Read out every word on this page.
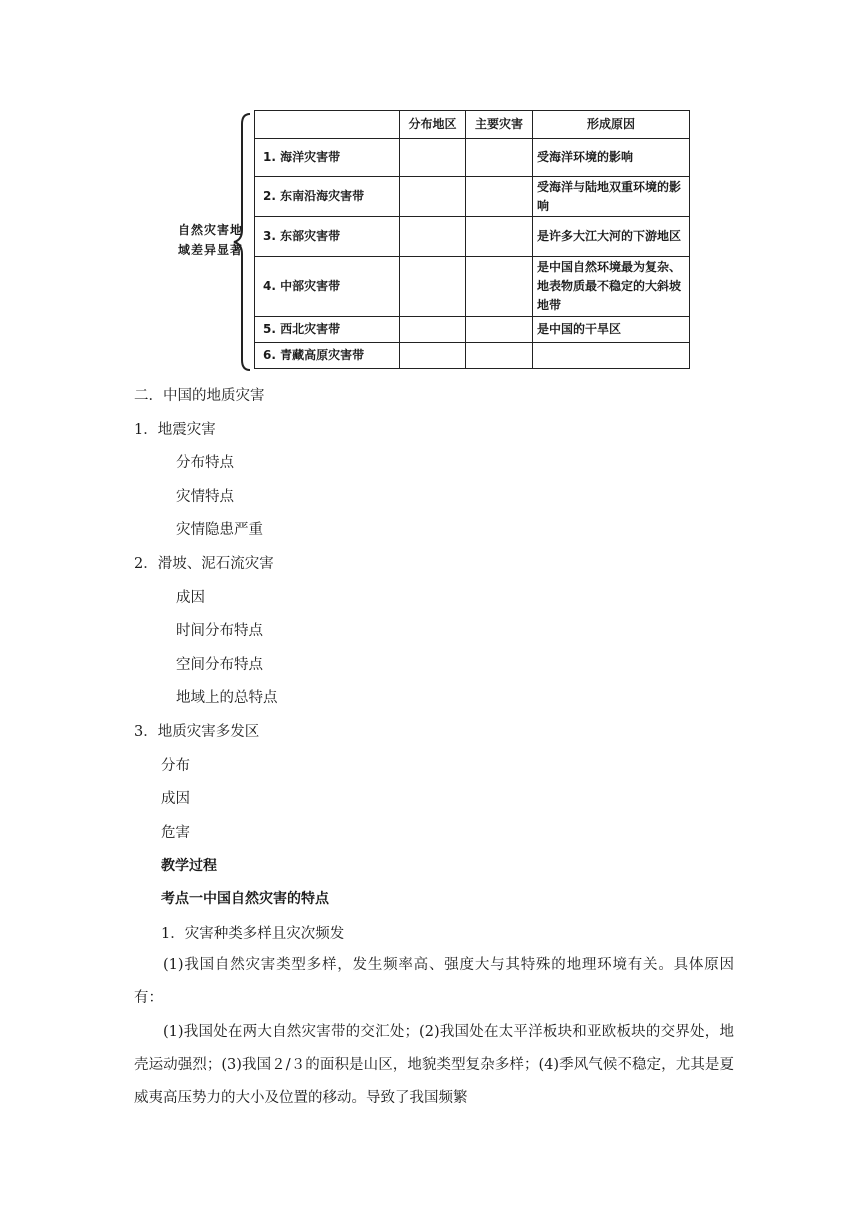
自然灾害地域差异显著
	分布地区	主要灾害	形成原因
1. 海洋灾害带			受海洋环境的影响
2. 东南沿海灾害带			受海洋与陆地双重环境的影响
3. 东部灾害带			是许多大江大河的下游地区
4. 中部灾害带			是中国自然环境最为复杂、地表物质最不稳定的大斜坡地带
5. 西北灾害带			是中国的干旱区
6. 青藏高原灾害带			
二．中国的地质灾害
1．地震灾害
分布特点
灾情特点
灾情隐患严重
2．滑坡、泥石流灾害
成因
时间分布特点
空间分布特点
地域上的总特点
3．地质灾害多发区
分布
成因
危害
教学过程
考点一中国自然灾害的特点
1．灾害种类多样且灾次频发
(1)我国自然灾害类型多样，发生频率高、强度大与其特殊的地理环境有关。具体原因有：
(1)我国处在两大自然灾害带的交汇处；(2)我国处在太平洋板块和亚欧板块的交界处，地壳运动强烈；(3)我国２/３的面积是山区，地貌类型复杂多样；(4)季风气候不稳定，尤其是夏威夷高压势力的大小及位置的移动。导致了我国频繁
